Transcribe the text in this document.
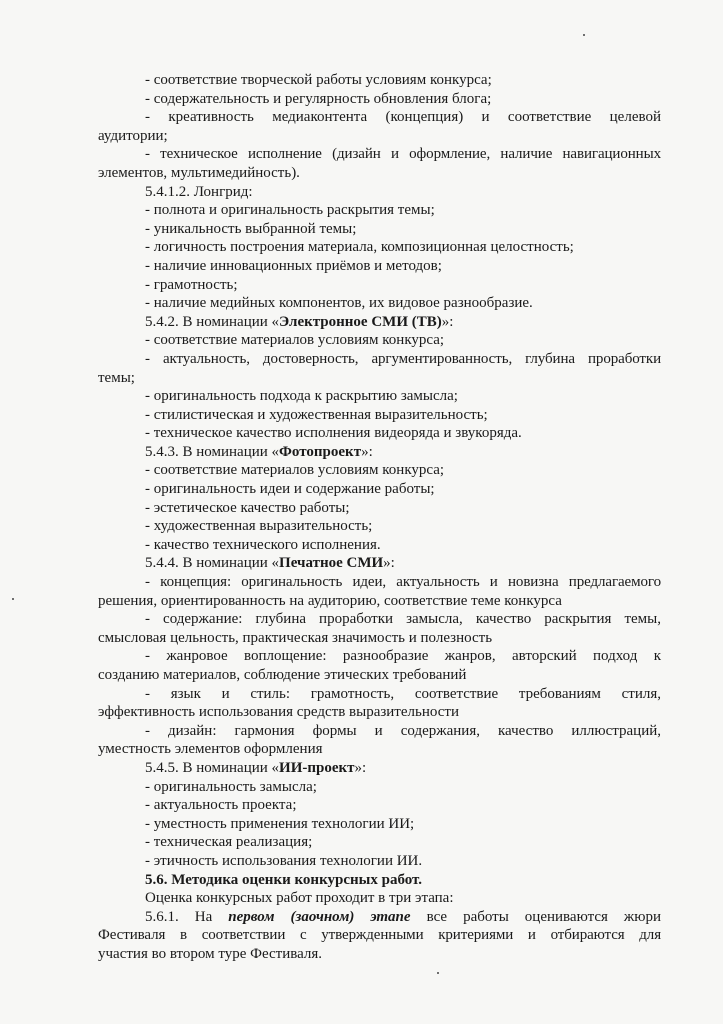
- соответствие творческой работы условиям конкурса;

- содержательность и регулярность обновления блога;

- креативность медиаконтента (концепция) и соответствие целевой

аудитории;

- техническое исполнение (дизайн и оформление, наличие навигационных

элементов, мультимедийность).

5.4.1.2. Лонгрид:

- полнота и оригинальность раскрытия темы;

- уникальность выбранной темы;

- логичность построения материала, композиционная целостность;

- наличие инновационных приёмов и методов;

- грамотность;

- наличие медийных компонентов, их видовое разнообразие.

5.4.2. В номинации «Электронное СМИ (ТВ)»:

- соответствие материалов условиям конкурса;

- актуальность, достоверность, аргументированность, глубина проработки

темы;

- оригинальность подхода к раскрытию замысла;

- стилистическая и художественная выразительность;

- техническое качество исполнения видеоряда и звукоряда.

5.4.3. В номинации «Фотопроект»:

- соответствие материалов условиям конкурса;

- оригинальность идеи и содержание работы;

- эстетическое качество работы;

- художественная выразительность;

- качество технического исполнения.

5.4.4. В номинации «Печатное СМИ»:

- концепция: оригинальность идеи, актуальность и новизна предлагаемого

решения, ориентированность на аудиторию, соответствие теме конкурса

- содержание: глубина проработки замысла, качество раскрытия темы,

смысловая цельность, практическая значимость и полезность

- жанровое воплощение: разнообразие жанров, авторский подход к

созданию материалов, соблюдение этических требований

- язык и стиль: грамотность, соответствие требованиям стиля,

эффективность использования средств выразительности

- дизайн: гармония формы и содержания, качество иллюстраций,

уместность элементов оформления

5.4.5. В номинации «ИИ-проект»:

- оригинальность замысла;

- актуальность проекта;

- уместность применения технологии ИИ;

- техническая реализация;

- этичность использования технологии ИИ.

5.6. Методика оценки конкурсных работ.

Оценка конкурсных работ проходит в три этапа:

5.6.1. На первом (заочном) этапе все работы оцениваются жюри

Фестиваля в соответствии с утвержденными критериями и отбираются для

участия во втором туре Фестиваля.
